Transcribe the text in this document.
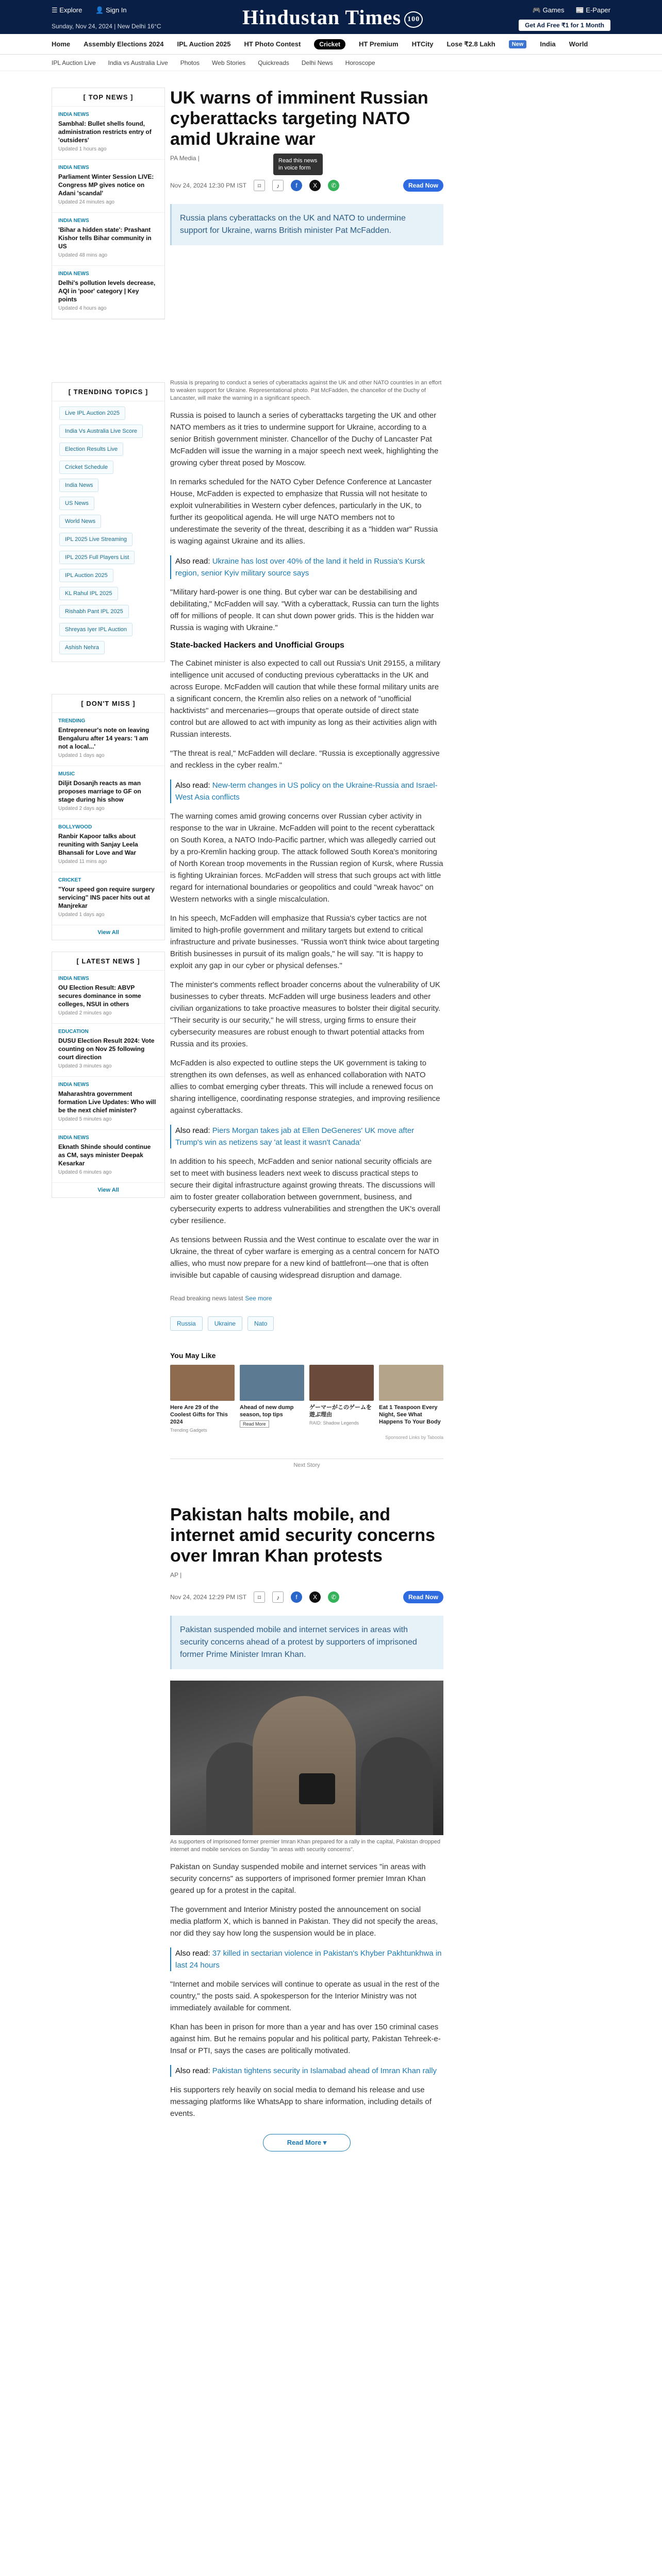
☰ Explore 👤 Sign In
Sunday, Nov 24, 2024 | New Delhi 16°C	Hindustan Times 100
🎮 Games 📰 E-Paper
Get Ad Free ₹1 for 1 Month
Home Assembly Elections 2024 IPL Auction 2025 HT Photo Contest	Cricket	HT Premium HTCity Lose ₹2.8 Lakh	New	India World
IPL Auction Live India vs Australia Live Photos Web Stories Quickreads Delhi News Horoscope
[ TOP NEWS ]
INDIA NEWS
Sambhal: Bullet shells found, administration restricts entry of 'outsiders'
Updated 1 hours ago
INDIA NEWS
Parliament Winter Session LIVE: Congress MP gives notice on Adani 'scandal'
Updated 24 minutes ago
INDIA NEWS
'Bihar a hidden state': Prashant Kishor tells Bihar community in US
Updated 48 mins ago
INDIA NEWS
Delhi's pollution levels decrease, AQI in 'poor' category | Key points
Updated 4 hours ago
[ TRENDING TOPICS ]
Live IPL Auction 2025
India Vs Australia Live Score
Election Results Live
Cricket Schedule
India News
US News
World News
IPL 2025 Live Streaming
IPL 2025 Full Players List
IPL Auction 2025
KL Rahul IPL 2025
Rishabh Pant IPL 2025
Shreyas Iyer IPL Auction
Ashish Nehra
[ DON'T MISS ]
TRENDING
Entrepreneur's note on leaving Bengaluru after 14 years: 'I am not a local...'
Updated 1 days ago
MUSIC
Diljit Dosanjh reacts as man proposes marriage to GF on stage during his show
Updated 2 days ago
BOLLYWOOD
Ranbir Kapoor talks about reuniting with Sanjay Leela Bhansali for Love and War
Updated 11 mins ago
CRICKET
"Your speed gon require surgery servicing" INS pacer hits out at Manjrekar
Updated 1 days ago
View All
[ LATEST NEWS ]
INDIA NEWS
OU Election Result: ABVP secures dominance in some colleges, NSUI in others
Updated 2 minutes ago
EDUCATION
DUSU Election Result 2024: Vote counting on Nov 25 following court direction
Updated 3 minutes ago
INDIA NEWS
Maharashtra government formation Live Updates: Who will be the next chief minister?
Updated 5 minutes ago
INDIA NEWS
Eknath Shinde should continue as CM, says minister Deepak Kesarkar
Updated 6 minutes ago
View All
UK warns of imminent Russian cyberattacks targeting NATO amid Ukraine war
PA Media |	Read this news in voice form
Nov 24, 2024 12:30 PM IST	⌑	♪	f	X	✆	Read Now
Russia plans cyberattacks on the UK and NATO to undermine support for Ukraine, warns British minister Pat McFadden.
Russia is preparing to conduct a series of cyberattacks against the UK and other NATO countries in an effort to weaken support for Ukraine. Representational photo. Pat McFadden, the chancellor of the Duchy of Lancaster, will make the warning in a significant speech.

Russia is poised to launch a series of cyberattacks targeting the UK and other NATO members as it tries to undermine support for Ukraine, according to a senior British government minister. Chancellor of the Duchy of Lancaster Pat McFadden will issue the warning in a major speech next week, highlighting the growing cyber threat posed by Moscow.

In remarks scheduled for the NATO Cyber Defence Conference at Lancaster House, McFadden is expected to emphasize that Russia will not hesitate to exploit vulnerabilities in Western cyber defences, particularly in the UK, to further its geopolitical agenda. He will urge NATO members not to underestimate the severity of the threat, describing it as a "hidden war" Russia is waging against Ukraine and its allies.

Also read: Ukraine has lost over 40% of the land it held in Russia's Kursk region, senior Kyiv military source says

"Military hard-power is one thing. But cyber war can be destabilising and debilitating," McFadden will say. "With a cyberattack, Russia can turn the lights off for millions of people. It can shut down power grids. This is the hidden war Russia is waging with Ukraine."

State-backed Hackers and Unofficial Groups

The Cabinet minister is also expected to call out Russia's Unit 29155, a military intelligence unit accused of conducting previous cyberattacks in the UK and across Europe. McFadden will caution that while these formal military units are a significant concern, the Kremlin also relies on a network of "unofficial hacktivists" and mercenaries—groups that operate outside of direct state control but are allowed to act with impunity as long as their activities align with Russian interests.

"The threat is real," McFadden will declare. "Russia is exceptionally aggressive and reckless in the cyber realm."

Also read: New-term changes in US policy on the Ukraine-Russia and Israel-West Asia conflicts

The warning comes amid growing concerns over Russian cyber activity in response to the war in Ukraine. McFadden will point to the recent cyberattack on South Korea, a NATO Indo-Pacific partner, which was allegedly carried out by a pro-Kremlin hacking group. The attack followed South Korea's monitoring of North Korean troop movements in the Russian region of Kursk, where Russia is fighting Ukrainian forces. McFadden will stress that such groups act with little regard for international boundaries or geopolitics and could "wreak havoc" on Western networks with a single miscalculation.

In his speech, McFadden will emphasize that Russia's cyber tactics are not limited to high-profile government and military targets but extend to critical infrastructure and private businesses. "Russia won't think twice about targeting British businesses in pursuit of its malign goals," he will say. "It is happy to exploit any gap in our cyber or physical defenses."

The minister's comments reflect broader concerns about the vulnerability of UK businesses to cyber threats. McFadden will urge business leaders and other civilian organizations to take proactive measures to bolster their digital security. "Their security is our security," he will stress, urging firms to ensure their cybersecurity measures are robust enough to thwart potential attacks from Russia and its proxies.

McFadden is also expected to outline steps the UK government is taking to strengthen its own defenses, as well as enhanced collaboration with NATO allies to combat emerging cyber threats. This will include a renewed focus on sharing intelligence, coordinating response strategies, and improving resilience against cyberattacks.

Also read: Piers Morgan takes jab at Ellen DeGeneres' UK move after Trump's win as netizens say 'at least it wasn't Canada'

In addition to his speech, McFadden and senior national security officials are set to meet with business leaders next week to discuss practical steps to secure their digital infrastructure against growing threats. The discussions will aim to foster greater collaboration between government, business, and cybersecurity experts to address vulnerabilities and strengthen the UK's overall cyber resilience.

As tensions between Russia and the West continue to escalate over the war in Ukraine, the threat of cyber warfare is emerging as a central concern for NATO allies, who must now prepare for a new kind of battlefront—one that is often invisible but capable of causing widespread disruption and damage.

Read breaking news latest See more
Russia	Ukraine	Nato
You May Like
Here Are 29 of the Coolest Gifts for This 2024
Trending Gadgets
Ahead of new dump season, top tips
Read More
ゲーマーがこのゲームを遊ぶ理由
RAID: Shadow Legends
Eat 1 Teaspoon Every Night, See What Happens To Your Body
Sponsored Links by Taboola
Next Story
Pakistan halts mobile, and internet amid security concerns over Imran Khan protests
AP |
Nov 24, 2024 12:29 PM IST	⌑	♪	f	X	✆	Read Now
Pakistan suspended mobile and internet services in areas with security concerns ahead of a protest by supporters of imprisoned former Prime Minister Imran Khan.
As supporters of imprisoned former premier Imran Khan prepared for a rally in the capital, Pakistan dropped internet and mobile services on Sunday "in areas with security concerns".

Pakistan on Sunday suspended mobile and internet services "in areas with security concerns" as supporters of imprisoned former premier Imran Khan geared up for a protest in the capital.

The government and Interior Ministry posted the announcement on social media platform X, which is banned in Pakistan. They did not specify the areas, nor did they say how long the suspension would be in place.

Also read: 37 killed in sectarian violence in Pakistan's Khyber Pakhtunkhwa in last 24 hours

"Internet and mobile services will continue to operate as usual in the rest of the country," the posts said. A spokesperson for the Interior Ministry was not immediately available for comment.

Khan has been in prison for more than a year and has over 150 criminal cases against him. But he remains popular and his political party, Pakistan Tehreek-e-Insaf or PTI, says the cases are politically motivated.

Also read: Pakistan tightens security in Islamabad ahead of Imran Khan rally

His supporters rely heavily on social media to demand his release and use messaging platforms like WhatsApp to share information, including details of events.

Read More ▾
